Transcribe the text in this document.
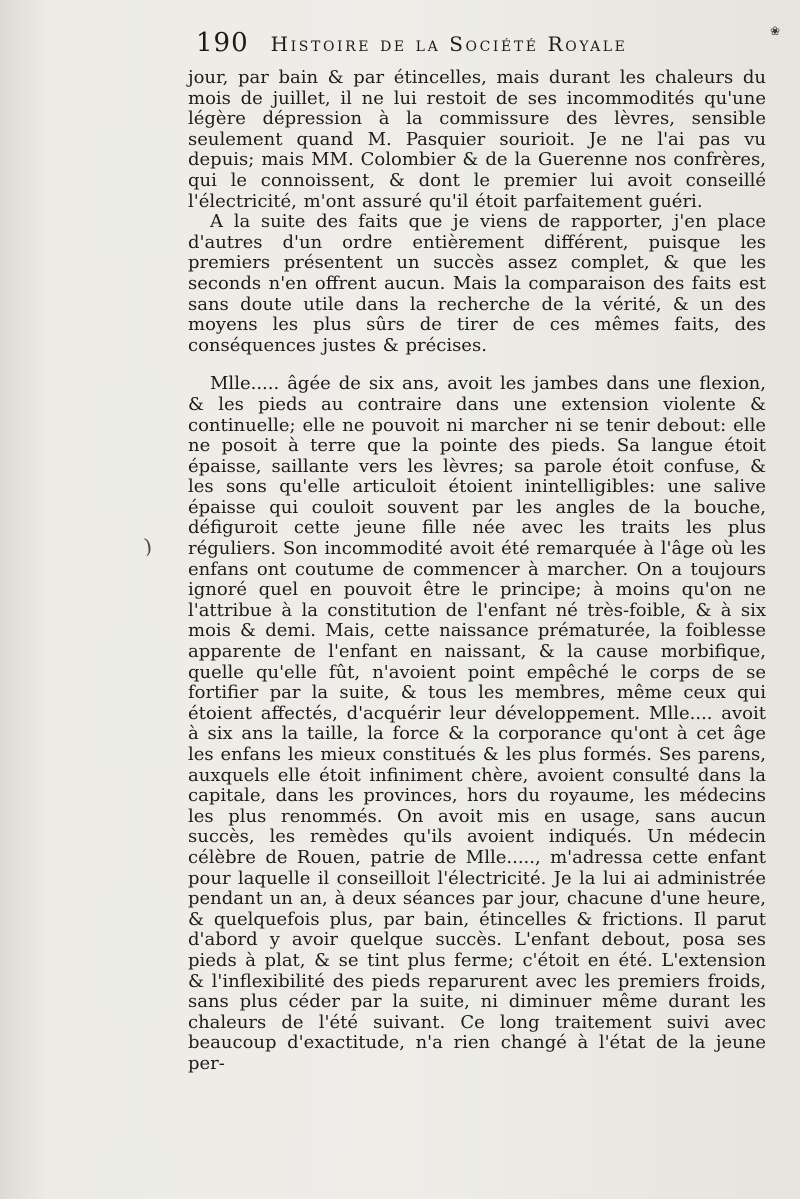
190 Histoire de la Société Royale
❀
)

jour, par bain & par étincelles, mais durant les chaleurs du mois de juillet, il ne lui restoit de ses incommodités qu'une légère dépression à la commissure des lèvres, sensible seulement quand M. Pasquier sourioit. Je ne l'ai pas vu depuis; mais MM. Colombier & de la Guerenne nos confrères, qui le connoissent, & dont le premier lui avoit conseillé l'électricité, m'ont assuré qu'il étoit parfaitement guéri.

A la suite des faits que je viens de rapporter, j'en place d'autres d'un ordre entièrement différent, puisque les premiers présentent un succès assez complet, & que les seconds n'en offrent aucun. Mais la comparaison des faits est sans doute utile dans la recherche de la vérité, & un des moyens les plus sûrs de tirer de ces mêmes faits, des conséquences justes & précises.

Mlle..... âgée de six ans, avoit les jambes dans une flexion, & les pieds au contraire dans une extension violente & continuelle; elle ne pouvoit ni marcher ni se tenir debout: elle ne posoit à terre que la pointe des pieds. Sa langue étoit épaisse, saillante vers les lèvres; sa parole étoit confuse, & les sons qu'elle articuloit étoient inintelligibles: une salive épaisse qui couloit souvent par les angles de la bouche, défiguroit cette jeune fille née avec les traits les plus réguliers. Son incommodité avoit été remarquée à l'âge où les enfans ont coutume de commencer à marcher. On a toujours ignoré quel en pouvoit être le principe; à moins qu'on ne l'attribue à la constitution de l'enfant né très-foible, & à six mois & demi. Mais, cette naissance prématurée, la foiblesse apparente de l'enfant en naissant, & la cause morbifique, quelle qu'elle fût, n'avoient point empêché le corps de se fortifier par la suite, & tous les membres, même ceux qui étoient affectés, d'acquérir leur développement. Mlle.... avoit à six ans la taille, la force & la corporance qu'ont à cet âge les enfans les mieux constitués & les plus formés. Ses parens, auxquels elle étoit infiniment chère, avoient consulté dans la capitale, dans les provinces, hors du royaume, les médecins les plus renommés. On avoit mis en usage, sans aucun succès, les remèdes qu'ils avoient indiqués. Un médecin célèbre de Rouen, patrie de Mlle....., m'adressa cette enfant pour laquelle il conseilloit l'électricité. Je la lui ai administrée pendant un an, à deux séances par jour, chacune d'une heure, & quelquefois plus, par bain, étincelles & frictions. Il parut d'abord y avoir quelque succès. L'enfant debout, posa ses pieds à plat, & se tint plus ferme; c'étoit en été. L'extension & l'inflexibilité des pieds reparurent avec les premiers froids, sans plus céder par la suite, ni diminuer même durant les chaleurs de l'été suivant. Ce long traitement suivi avec beaucoup d'exactitude, n'a rien changé à l'état de la jeune per-
